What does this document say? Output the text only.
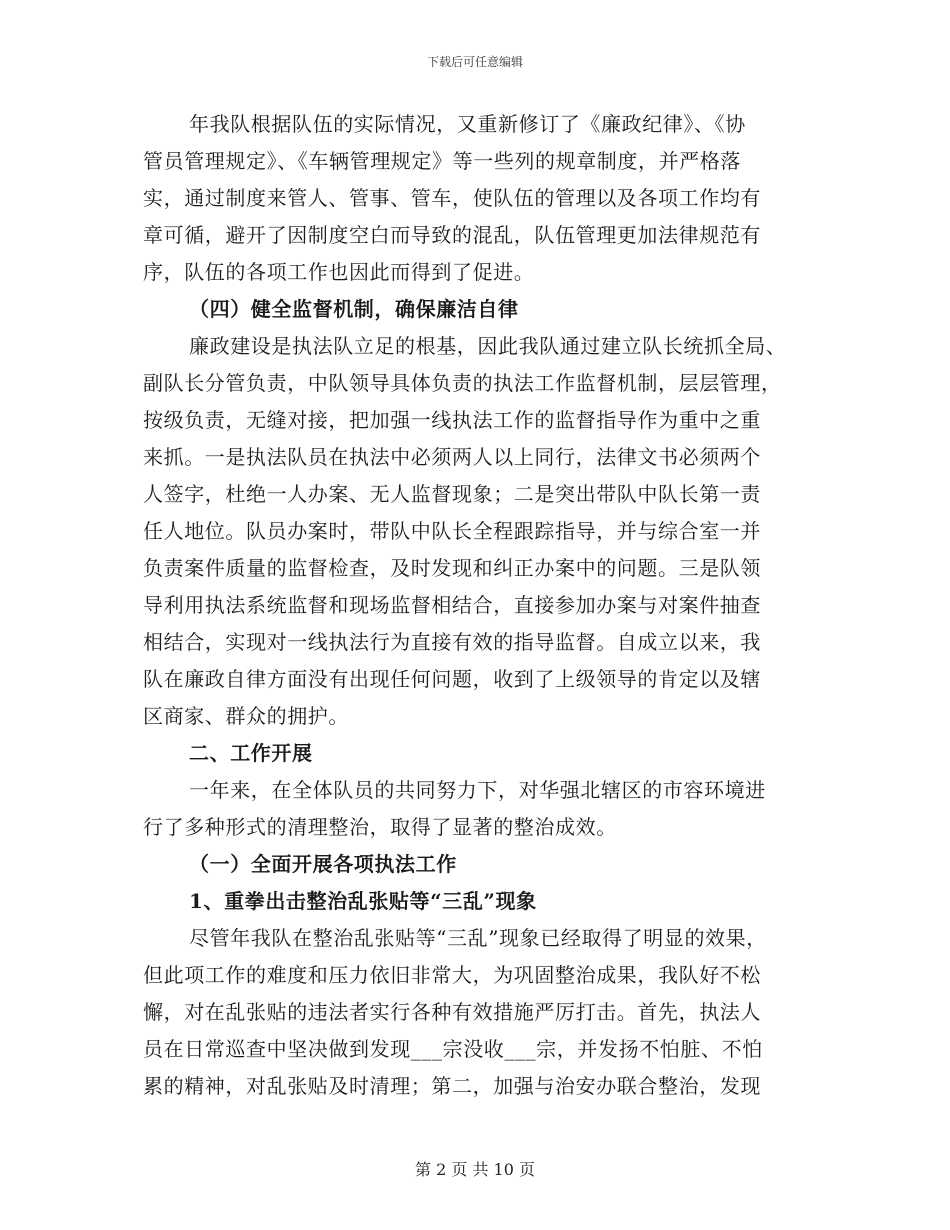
下载后可任意编辑
年我队根据队伍的实际情况，又重新修订了《廉政纪律》、《协
管员管理规定》、《车辆管理规定》等一些列的规章制度，并严格落
实，通过制度来管人、管事、管车，使队伍的管理以及各项工作均有
章可循，避开了因制度空白而导致的混乱，队伍管理更加法律规范有
序，队伍的各项工作也因此而得到了促进。
（四）健全监督机制，确保廉洁自律
廉政建设是执法队立足的根基，因此我队通过建立队长统抓全局、
副队长分管负责，中队领导具体负责的执法工作监督机制，层层管理，
按级负责，无缝对接，把加强一线执法工作的监督指导作为重中之重
来抓。一是执法队员在执法中必须两人以上同行，法律文书必须两个
人签字，杜绝一人办案、无人监督现象；二是突出带队中队长第一责
任人地位。队员办案时，带队中队长全程跟踪指导，并与综合室一并
负责案件质量的监督检查，及时发现和纠正办案中的问题。三是队领
导利用执法系统监督和现场监督相结合，直接参加办案与对案件抽查
相结合，实现对一线执法行为直接有效的指导监督。自成立以来，我
队在廉政自律方面没有出现任何问题，收到了上级领导的肯定以及辖
区商家、群众的拥护。
二、工作开展
一年来，在全体队员的共同努力下，对华强北辖区的市容环境进
行了多种形式的清理整治，取得了显著的整治成效。
（一）全面开展各项执法工作
1、重拳出击整治乱张贴等“三乱”现象
尽管年我队在整治乱张贴等“三乱”现象已经取得了明显的效果，
但此项工作的难度和压力依旧非常大，为巩固整治成果，我队好不松
懈，对在乱张贴的违法者实行各种有效措施严厉打击。首先，执法人
员在日常巡查中坚决做到发现___宗没收___宗，并发扬不怕脏、不怕
累的精神，对乱张贴及时清理；第二，加强与治安办联合整治，发现
第 2 页 共 10 页
